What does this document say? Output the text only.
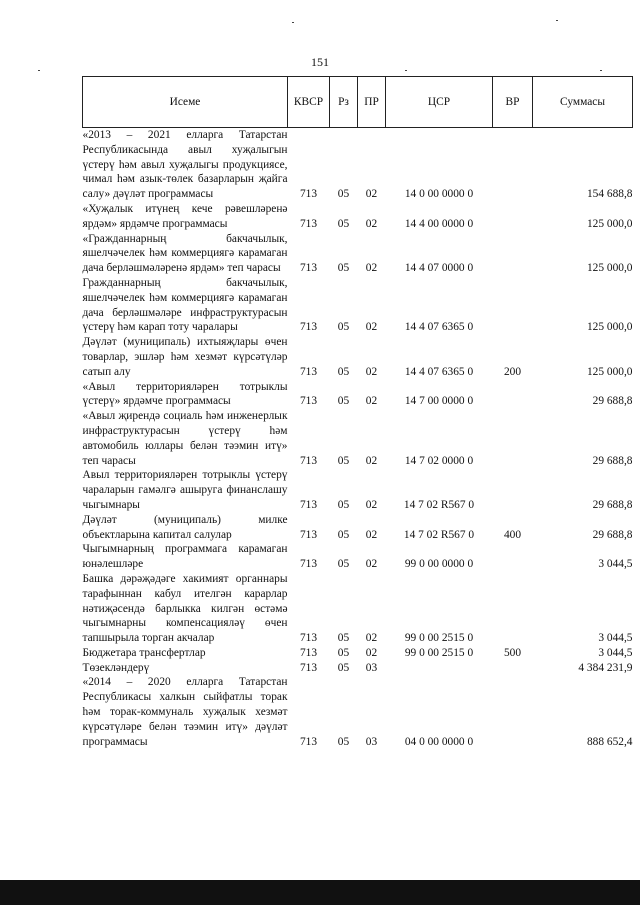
151
Исеме	КВСР	Рз	ПР	ЦСР	ВР	Суммасы
«2013 – 2021 елларга Татарстан Республикасында авыл хуҗалыгын үстерү һәм авыл хуҗалыгы продукциясе, чимал һәм азык-төлек базарларын җайга салу» дәүләт программасы	713	05	02	14 0 00 0000 0		154 688,8
«Хуҗалык итүнең кече рәвешләренә ярдәм» ярдәмче программасы	713	05	02	14 4 00 0000 0		125 000,0
«Гражданнарның бакчачылык, яшелчәчелек һәм коммерциягә карамаган дача берләшмәләренә ярдәм» теп чарасы	713	05	02	14 4 07 0000 0		125 000,0
Гражданнарның бакчачылык, яшелчәчелек һәм коммерциягә карамаган дача берләшмәләре инфраструктурасын үстерү һәм карап тоту чаралары	713	05	02	14 4 07 6365 0		125 000,0
Дәүләт (муниципаль) ихтыяҗлары өчен товарлар, эшләр һәм хезмәт күрсәтүләр сатып алу	713	05	02	14 4 07 6365 0	200	125 000,0
«Авыл территорияләрен тотрыклы үстерү» ярдәмче программасы	713	05	02	14 7 00 0000 0		29 688,8
«Авыл җирендә социаль һәм инженерлык инфраструктурасын үстерү һәм автомобиль юллары белән тәэмин итү» теп чарасы	713	05	02	14 7 02 0000 0		29 688,8
Авыл территорияләрен тотрыклы үстерү чараларын гамәлгә ашыруга финанслашу чыгымнары	713	05	02	14 7 02 R567 0		29 688,8
Дәүләт (муниципаль) милке объектларына капитал салулар	713	05	02	14 7 02 R567 0	400	29 688,8
Чыгымнарның программага карамаган юнәлешләре	713	05	02	99 0 00 0000 0		3 044,5
Башка дәрәҗәдәге хакимият органнары тарафыннан кабул ителгән карарлар нәтиҗәсендә барлыкка килгән өстәмә чыгымнарны компенсацияләү өчен тапшырыла торган акчалар	713	05	02	99 0 00 2515 0		3 044,5
Бюджетара трансфертлар	713	05	02	99 0 00 2515 0	500	3 044,5
Төзекләндерү	713	05	03			4 384 231,9
«2014 – 2020 елларга Татарстан Республикасы халкын сыйфатлы торак һәм торак-коммуналь хуҗалык хезмәт күрсәтүләре белән тәэмин итү» дәүләт программасы	713	05	03	04 0 00 0000 0		888 652,4
